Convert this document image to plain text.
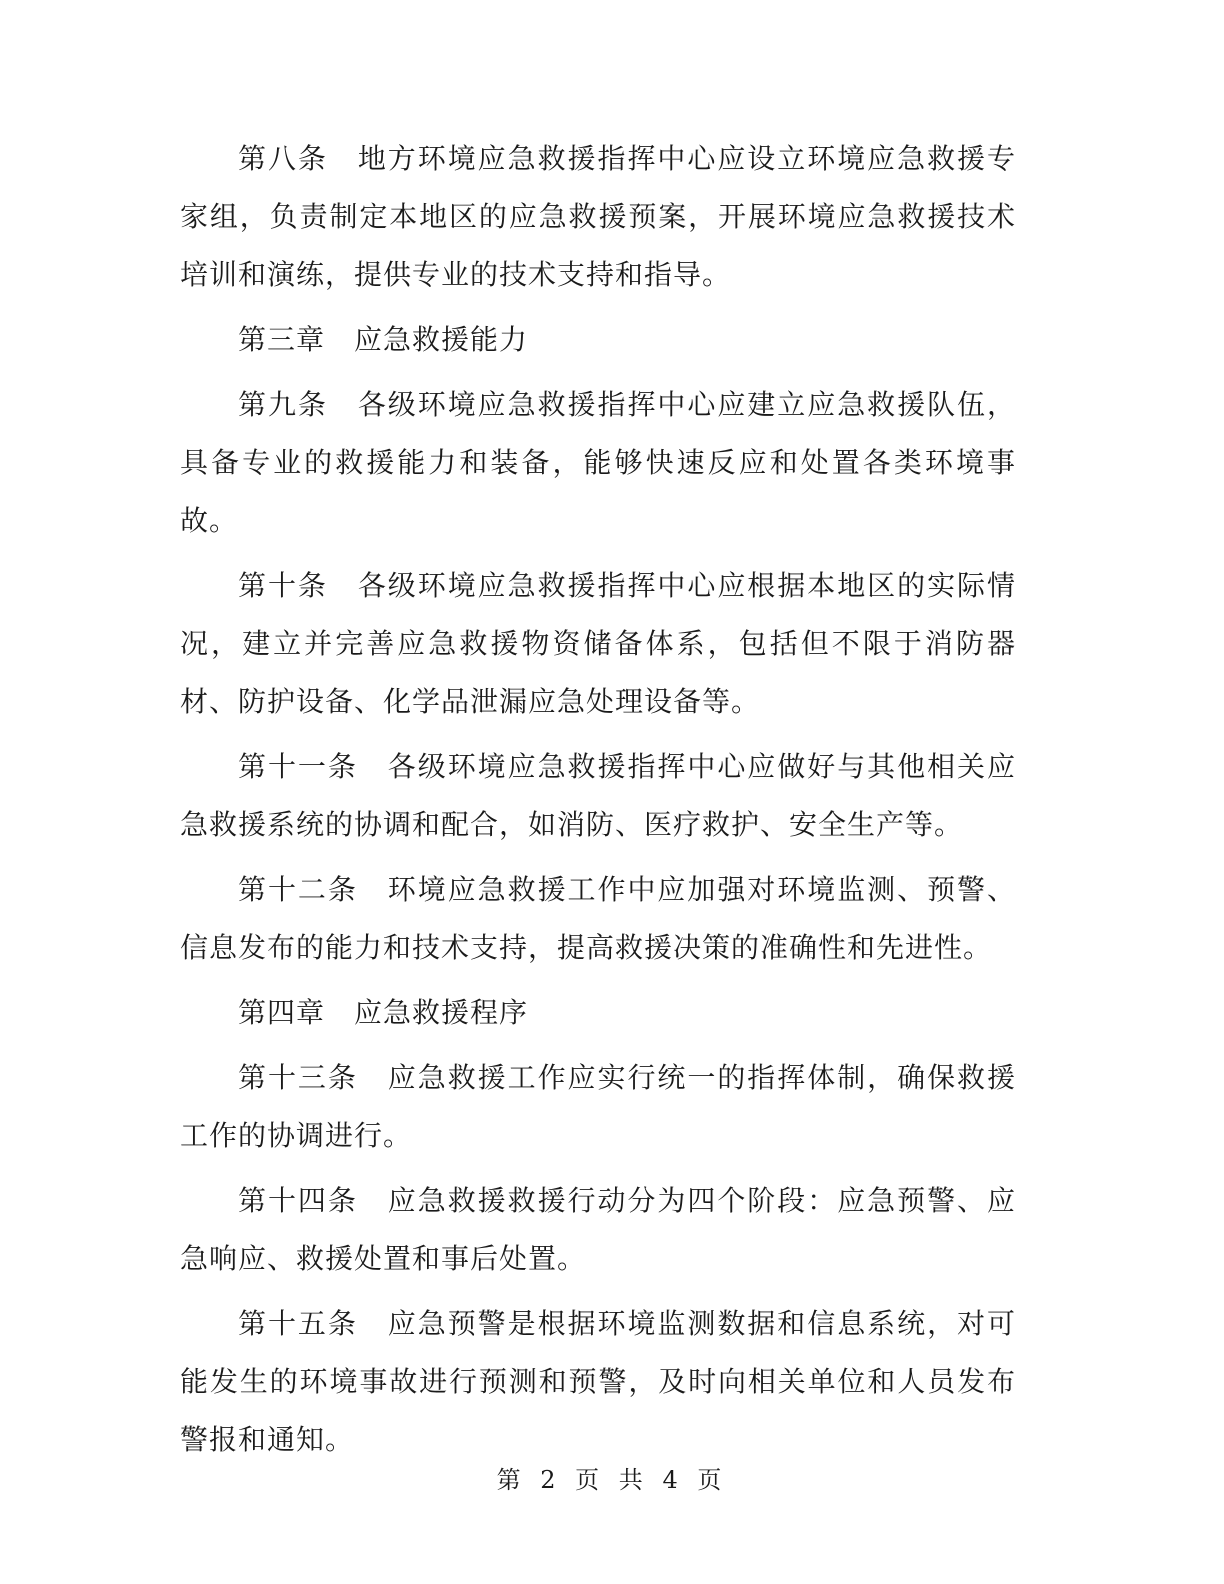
第八条　地方环境应急救援指挥中心应设立环境应急救援专家组，负责制定本地区的应急救援预案，开展环境应急救援技术培训和演练，提供专业的技术支持和指导。

第三章　应急救援能力

第九条　各级环境应急救援指挥中心应建立应急救援队伍，具备专业的救援能力和装备，能够快速反应和处置各类环境事故。

第十条　各级环境应急救援指挥中心应根据本地区的实际情况，建立并完善应急救援物资储备体系，包括但不限于消防器材、防护设备、化学品泄漏应急处理设备等。

第十一条　各级环境应急救援指挥中心应做好与其他相关应急救援系统的协调和配合，如消防、医疗救护、安全生产等。

第十二条　环境应急救援工作中应加强对环境监测、预警、信息发布的能力和技术支持，提高救援决策的准确性和先进性。

第四章　应急救援程序

第十三条　应急救援工作应实行统一的指挥体制，确保救援工作的协调进行。

第十四条　应急救援救援行动分为四个阶段：应急预警、应急响应、救援处置和事后处置。

第十五条　应急预警是根据环境监测数据和信息系统，对可能发生的环境事故进行预测和预警，及时向相关单位和人员发布警报和通知。

第 2 页 共 4 页
